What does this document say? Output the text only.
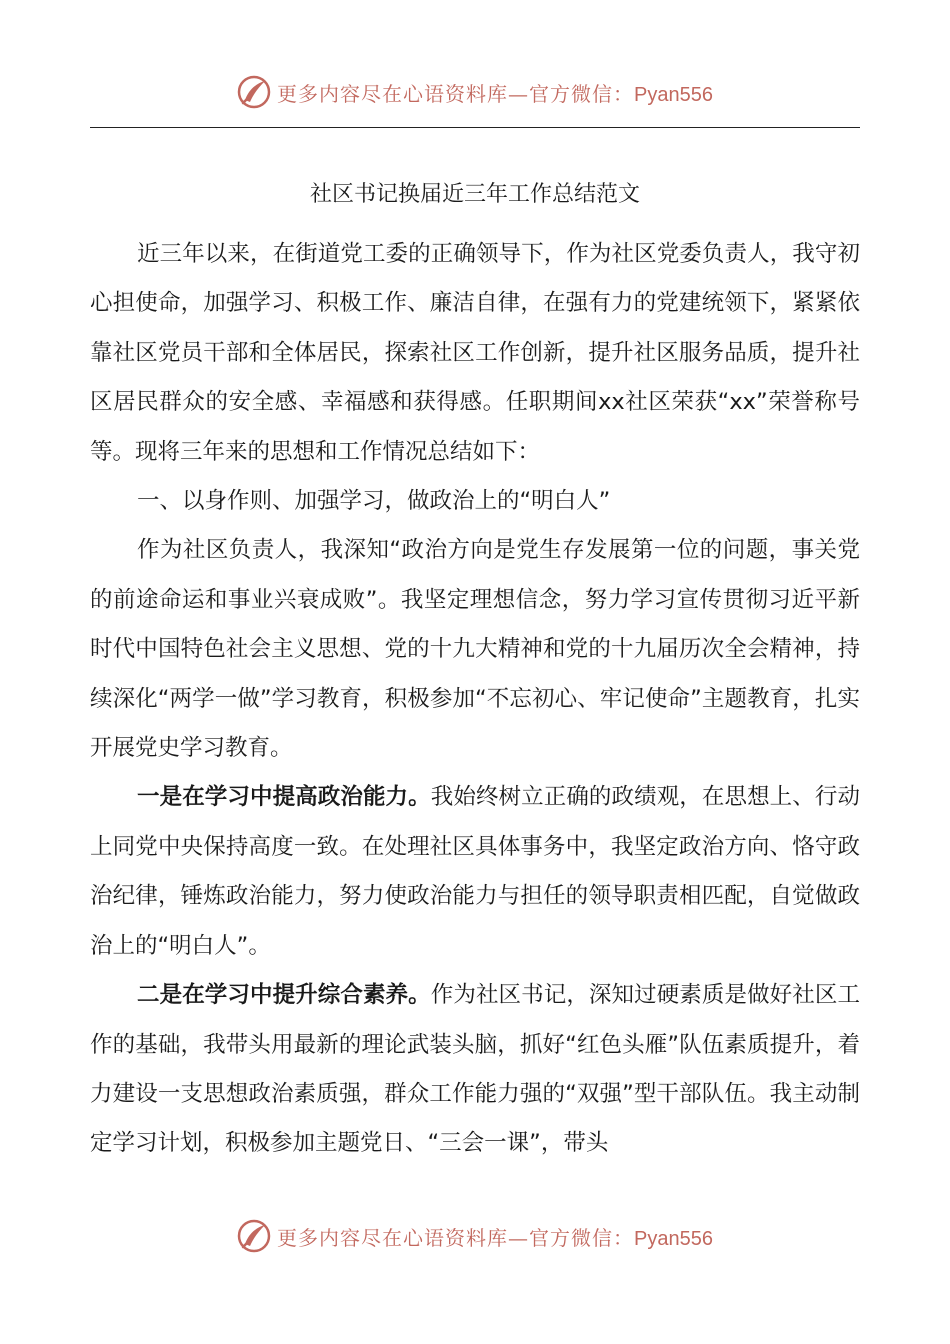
更多内容尽在心语资料库—官方微信：Pyan556
社区书记换届近三年工作总结范文

近三年以来，在街道党工委的正确领导下，作为社区党委负责人，我守初心担使命，加强学习、积极工作、廉洁自律，在强有力的党建统领下，紧紧依靠社区党员干部和全体居民，探索社区工作创新，提升社区服务品质，提升社区居民群众的安全感、幸福感和获得感。任职期间xx社区荣获“xx”荣誉称号等。现将三年来的思想和工作情况总结如下：

一、以身作则、加强学习，做政治上的“明白人”

作为社区负责人，我深知“政治方向是党生存发展第一位的问题，事关党的前途命运和事业兴衰成败”。我坚定理想信念，努力学习宣传贯彻习近平新时代中国特色社会主义思想、党的十九大精神和党的十九届历次全会精神，持续深化“两学一做”学习教育，积极参加“不忘初心、牢记使命”主题教育，扎实开展党史学习教育。

一是在学习中提高政治能力。我始终树立正确的政绩观，在思想上、行动上同党中央保持高度一致。在处理社区具体事务中，我坚定政治方向、恪守政治纪律，锤炼政治能力，努力使政治能力与担任的领导职责相匹配，自觉做政治上的“明白人”。

二是在学习中提升综合素养。作为社区书记，深知过硬素质是做好社区工作的基础，我带头用最新的理论武装头脑，抓好“红色头雁”队伍素质提升，着力建设一支思想政治素质强，群众工作能力强的“双强”型干部队伍。我主动制定学习计划，积极参加主题党日、“三会一课”，带头

更多内容尽在心语资料库—官方微信：Pyan556
